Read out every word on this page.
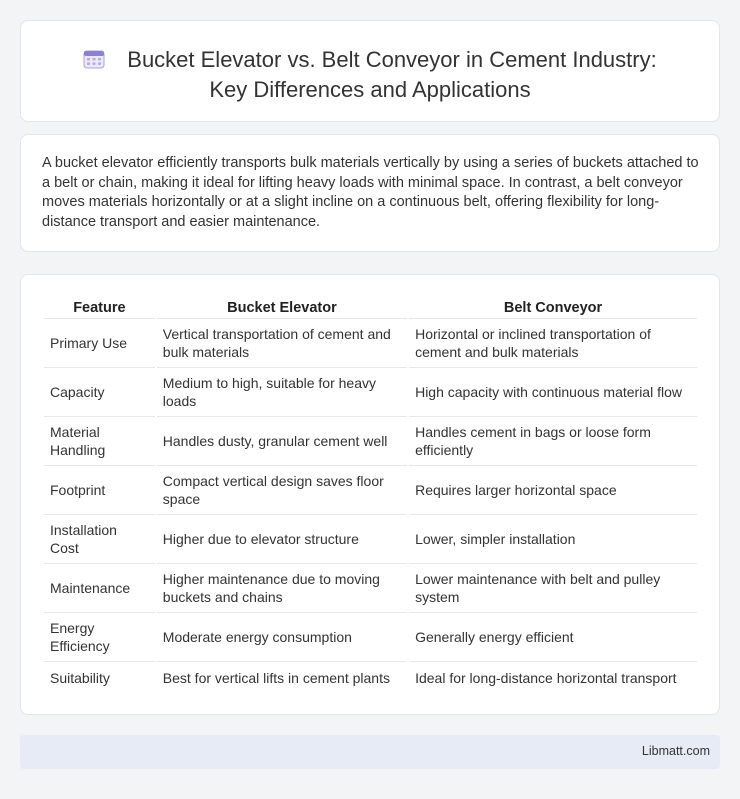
Bucket Elevator vs. Belt Conveyor in Cement Industry:
Key Differences and Applications

A bucket elevator efficiently transports bulk materials vertically by using a series of buckets attached to a belt or chain, making it ideal for lifting heavy loads with minimal space. In contrast, a belt conveyor moves materials horizontally or at a slight incline on a continuous belt, offering flexibility for long-distance transport and easier maintenance.

Feature	Bucket Elevator	Belt Conveyor
Primary Use	Vertical transportation of cement and bulk materials	Horizontal or inclined transportation of cement and bulk materials
Capacity	Medium to high, suitable for heavy loads	High capacity with continuous material flow
Material Handling	Handles dusty, granular cement well	Handles cement in bags or loose form efficiently
Footprint	Compact vertical design saves floor space	Requires larger horizontal space
Installation Cost	Higher due to elevator structure	Lower, simpler installation
Maintenance	Higher maintenance due to moving buckets and chains	Lower maintenance with belt and pulley system
Energy Efficiency	Moderate energy consumption	Generally energy efficient
Suitability	Best for vertical lifts in cement plants	Ideal for long-distance horizontal transport
Libmatt.com
